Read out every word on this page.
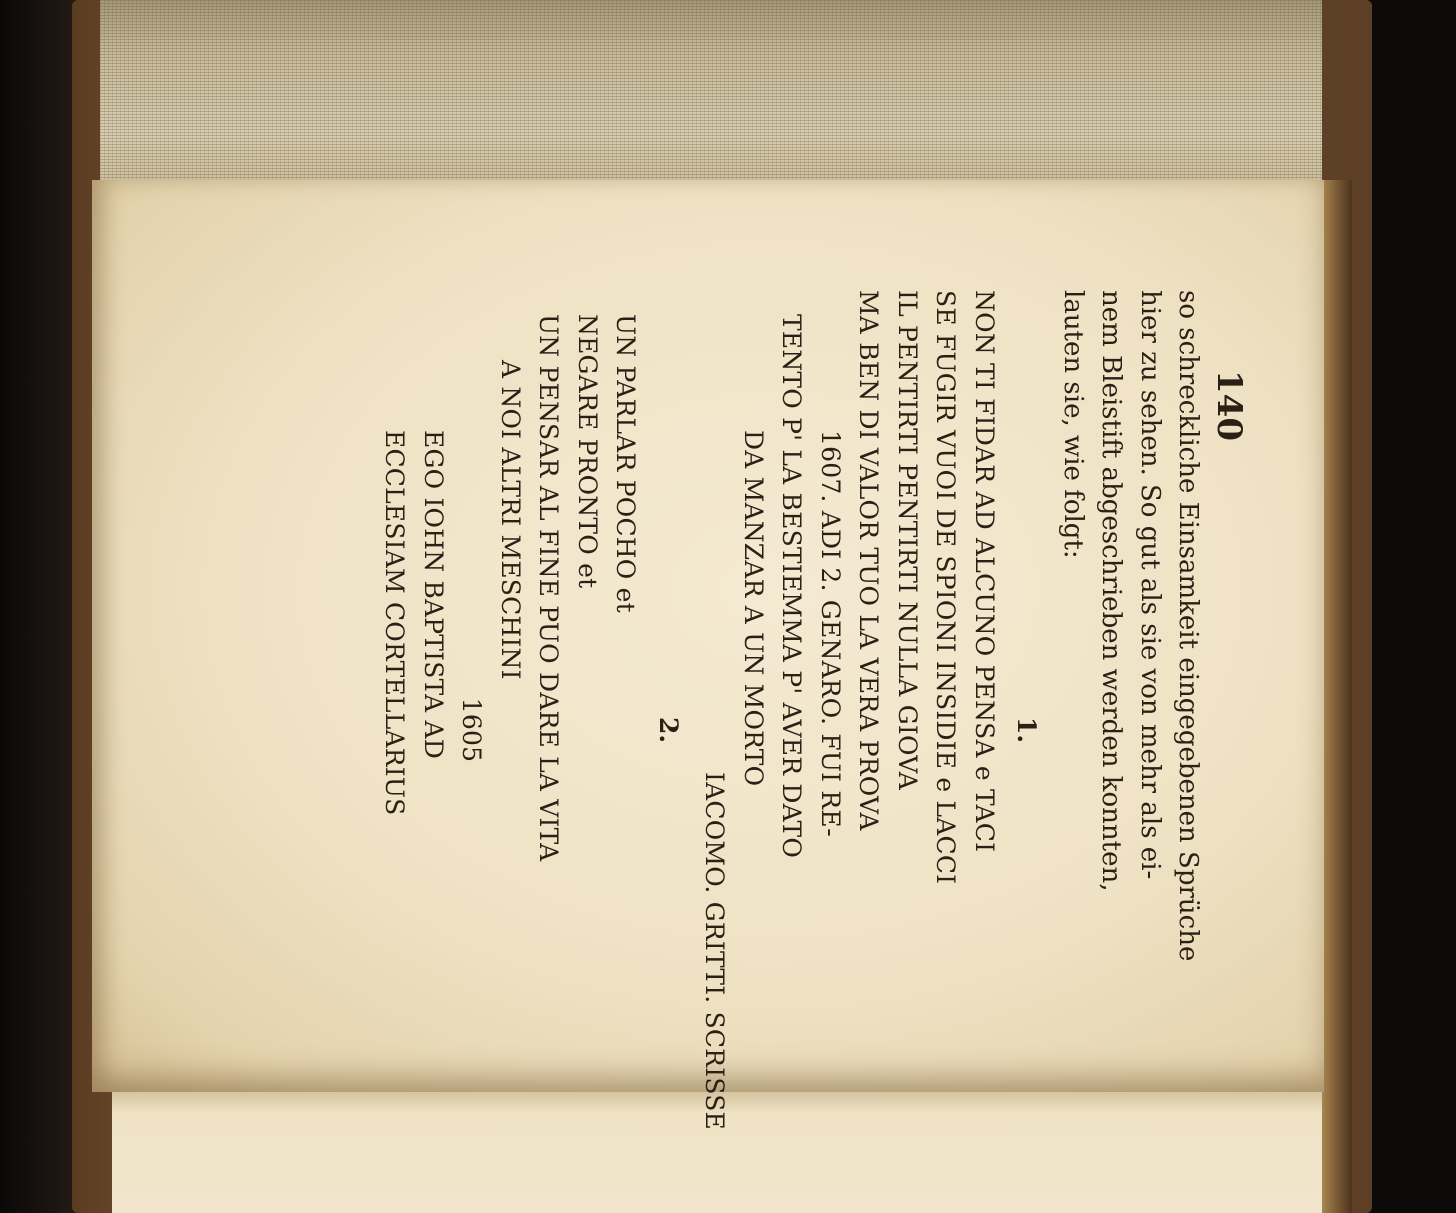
140
so schreckliche Einsamkeit eingegebenen Sprüche
hier zu sehen. So gut als sie von mehr als ei-
nem Bleistift abgeschrieben werden konnten,
lauten sie, wie folgt:
1.
NON TI FIDAR AD ALCUNO PENSA e TACI
SE FUGIR VUOI DE SPIONI INSIDIE e LACCI
IL PENTIRTI PENTIRTI NULLA GIOVA
MA BEN DI VALOR TUO LA VERA PROVA
1607. ADI 2. GENARO. FUI RE-
TENTO P' LA BESTIEMMA P' AVER DATO
DA MANZAR A UN MORTO
IACOMO. GRITTI. SCRISSE
2.
UN PARLAR POCHO et
NEGARE PRONTO et
UN PENSAR AL FINE PUO DARE LA VITA
A NOI ALTRI MESCHINI
1605
EGO IOHN BAPTISTA AD
ECCLESIAM CORTELLARIUS
